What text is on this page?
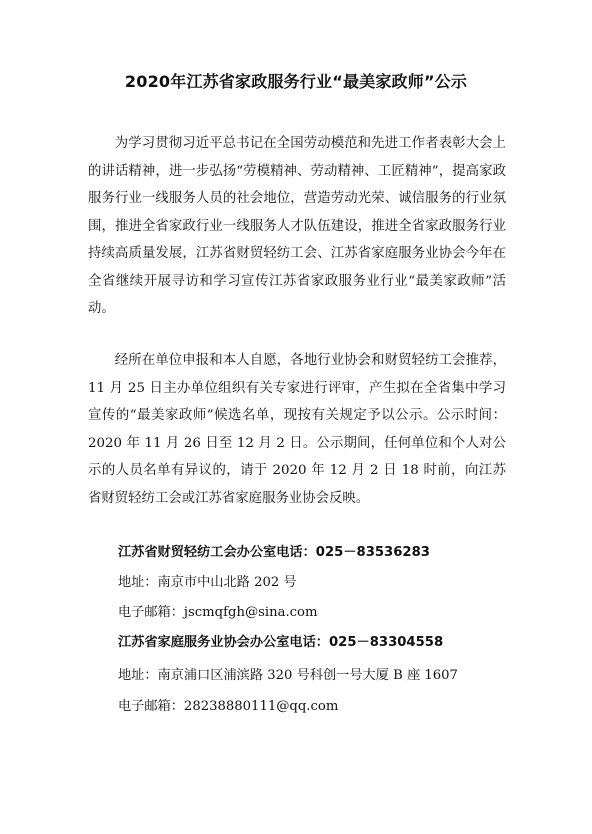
2020年江苏省家政服务行业“最美家政师”公示

为学习贯彻习近平总书记在全国劳动模范和先进工作者表彰大会上的讲话精神，进一步弘扬“劳模精神、劳动精神、工匠精神”，提高家政服务行业一线服务人员的社会地位，营造劳动光荣、诚信服务的行业氛围，推进全省家政行业一线服务人才队伍建设，推进全省家政服务行业持续高质量发展，江苏省财贸轻纺工会、江苏省家庭服务业协会今年在全省继续开展寻访和学习宣传江苏省家政服务业行业“最美家政师”活动。

经所在单位申报和本人自愿，各地行业协会和财贸轻纺工会推荐，11 月 25 日主办单位组织有关专家进行评审，产生拟在全省集中学习宣传的“最美家政师”候选名单，现按有关规定予以公示。公示时间：2020 年 11 月 26 日至 12 月 2 日。公示期间，任何单位和个人对公示的人员名单有异议的，请于 2020 年 12 月 2 日 18 时前，向江苏省财贸轻纺工会或江苏省家庭服务业协会反映。

江苏省财贸轻纺工会办公室电话：025－83536283
地址：南京市中山北路 202 号
电子邮箱：jscmqfgh@sina.com
江苏省家庭服务业协会办公室电话：025－83304558
地址：南京浦口区浦滨路 320 号科创一号大厦 B 座 1607
电子邮箱：28238880111@qq.com
